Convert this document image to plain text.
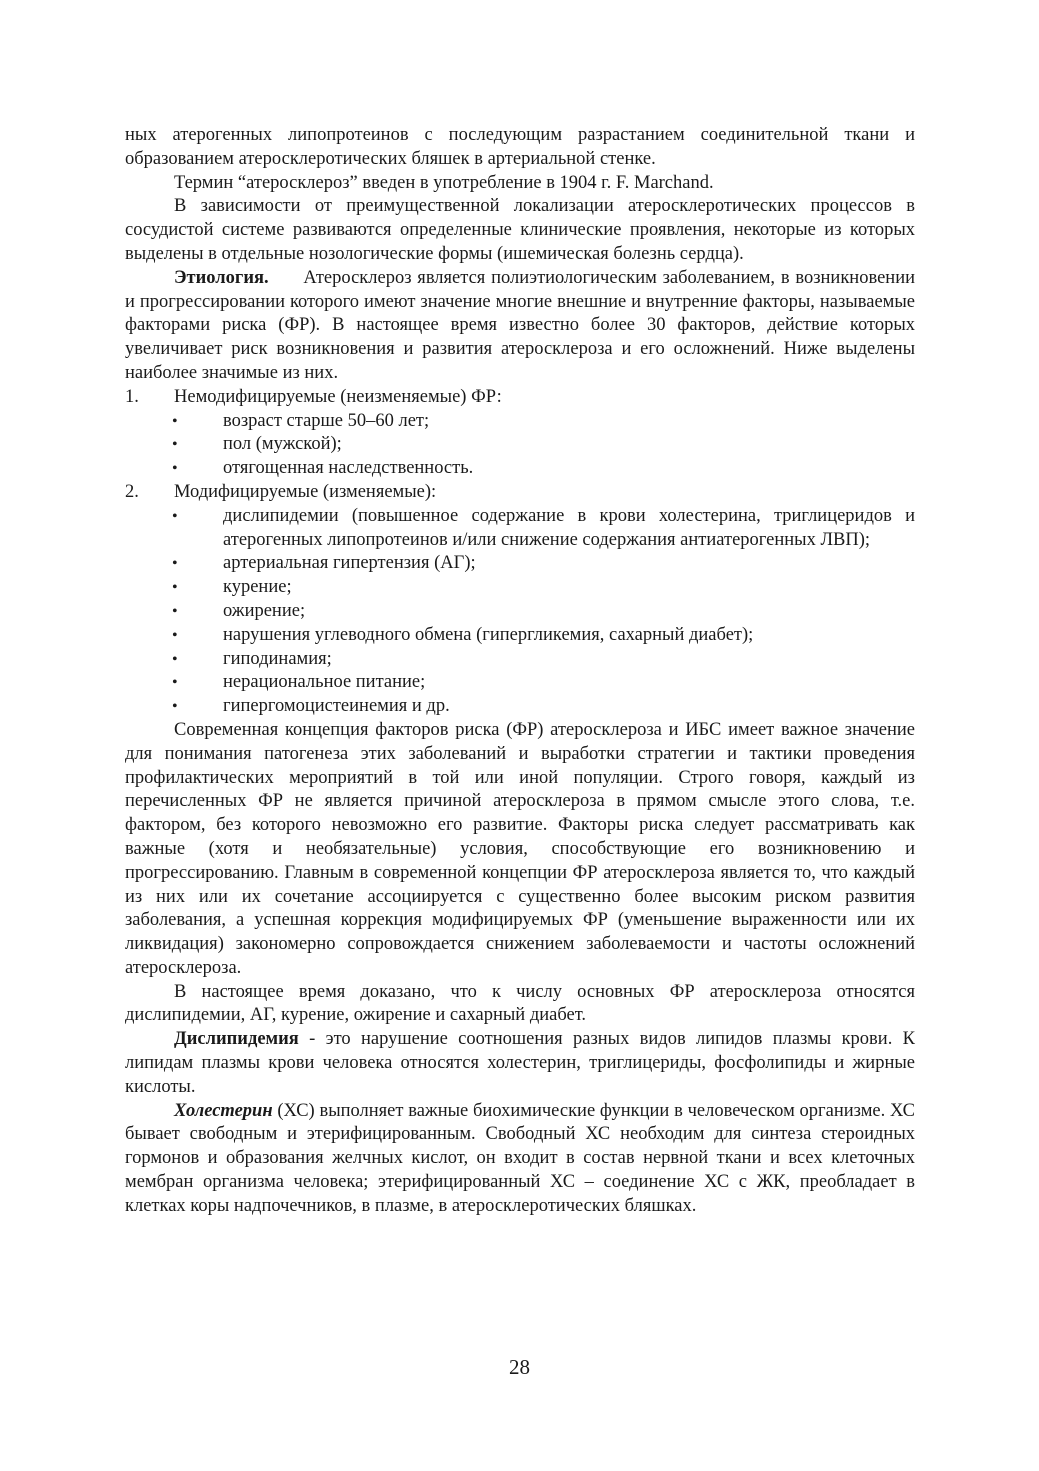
ных атерогенных липопротеинов с последующим разрастанием соединительной ткани и образованием атеросклеротических бляшек в артериальной стенке.

Термин “атеросклероз” введен в употребление в 1904 г. F. Marchand.

В зависимости от преимущественной локализации атеросклеротических процессов в сосудистой системе развиваются определенные клинические проявления, некоторые из которых выделены в отдельные нозологические формы (ишемическая болезнь сердца).

Этиология. Атеросклероз является полиэтиологическим заболеванием, в возникновении и прогрессировании которого имеют значение многие внешние и внутренние факторы, называемые факторами риска (ФР). В настоящее время известно более 30 факторов, действие которых увеличивает риск возникновения и развития атеросклероза и его осложнений. Ниже выделены наиболее значимые из них.

1.	Немодифицируемые (неизменяемые) ФР:
• возраст старше 50–60 лет;
• пол (мужской);
• отягощенная наследственность.
2.	Модифицируемые (изменяемые):
• дислипидемии (повышенное содержание в крови холестерина, триглицеридов и атерогенных липопротеинов и/или снижение содержания антиатерогенных ЛВП);
• артериальная гипертензия (АГ);
• курение;
• ожирение;
• нарушения углеводного обмена (гипергликемия, сахарный диабет);
• гиподинамия;
• нерациональное питание;
• гипергомоцистеинемия и др.

Современная концепция факторов риска (ФР) атеросклероза и ИБС имеет важное значение для понимания патогенеза этих заболеваний и выработки стратегии и тактики проведения профилактических мероприятий в той или иной популяции. Строго говоря, каждый из перечисленных ФР не является причиной атеросклероза в прямом смысле этого слова, т.е. фактором, без которого невозможно его развитие. Факторы риска следует рассматривать как важные (хотя и необязательные) условия, способствующие его возникновению и прогрессированию. Главным в современной концепции ФР атеросклероза является то, что каждый из них или их сочетание ассоциируется с существенно более высоким риском развития заболевания, а успешная коррекция модифицируемых ФР (уменьшение выраженности или их ликвидация) закономерно сопровождается снижением заболеваемости и частоты осложнений атеросклероза.

В настоящее время доказано, что к числу основных ФР атеросклероза относятся дислипидемии, АГ, курение, ожирение и сахарный диабет.

Дислипидемия - это нарушение соотношения разных видов липидов плазмы крови. К липидам плазмы крови человека относятся холестерин, триглицериды, фосфолипиды и жирные кислоты.

Холестерин (ХС) выполняет важные биохимические функции в человеческом организме. ХС бывает свободным и этерифицированным. Свободный ХС необходим для синтеза стероидных гормонов и образования желчных кислот, он входит в состав нервной ткани и всех клеточных мембран организма человека; этерифицированный ХС – соединение ХС с ЖК, преобладает в клетках коры надпочечников, в плазме, в атеросклеротических бляшках.

28
